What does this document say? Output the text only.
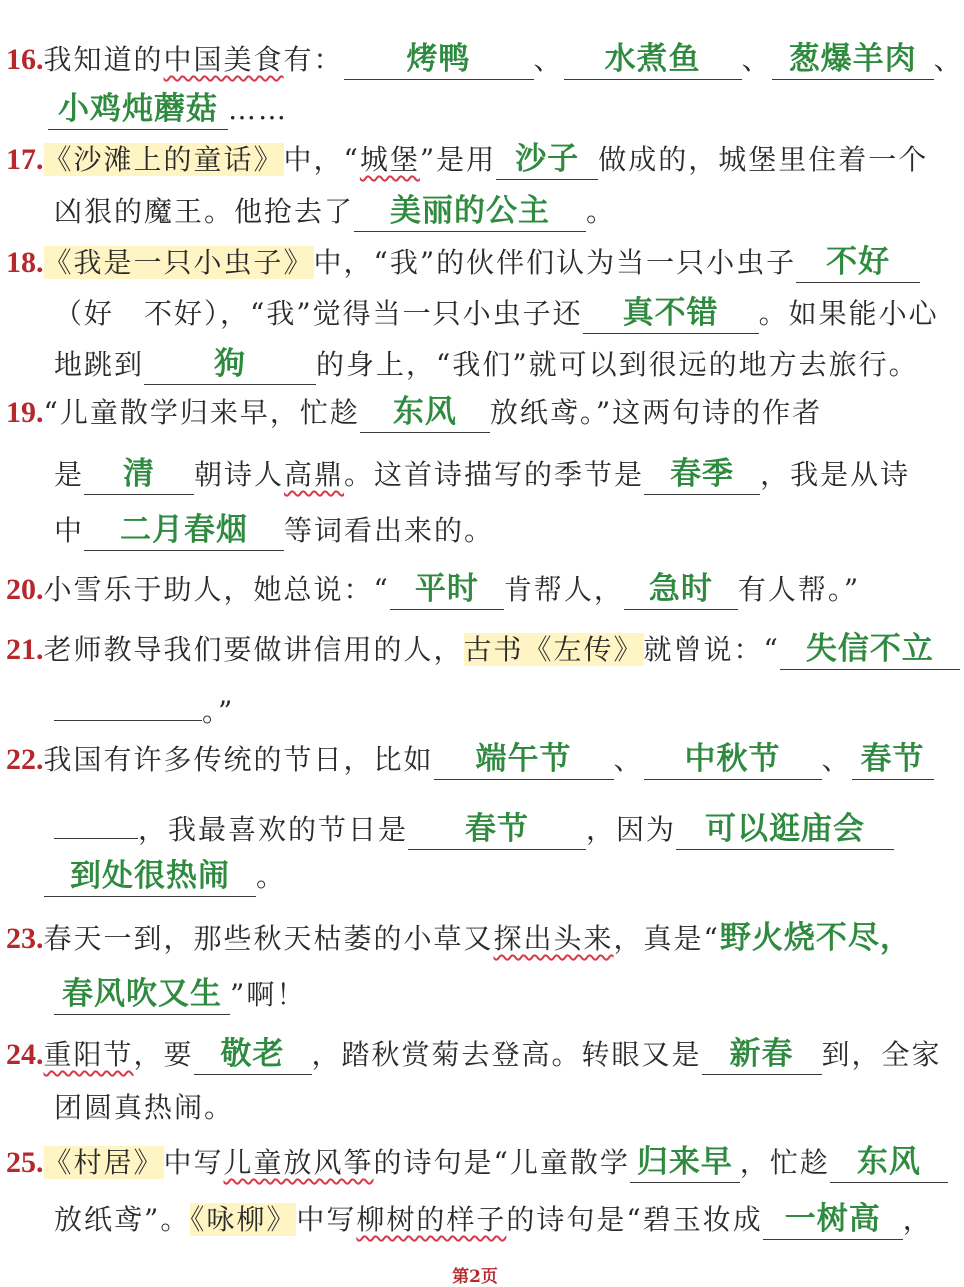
16.我知道的中国美食有： 烤鸭 、 水煮鱼 、 葱爆羊肉 、
小鸡炖蘑菇 ……
17.《沙滩上的童话》中，“城堡”是用 沙子 做成的，城堡里住着一个
凶狠的魔王。他抢去了 美丽的公主 。
18.《我是一只小虫子》中，“我”的伙伴们认为当一只小虫子 不好
（好　不好），“我”觉得当一只小虫子还 真不错 。如果能小心
地跳到 狗	的身上，“我们”就可以到很远的地方去旅行。
19.“儿童散学归来早，忙趁 东风 放纸鸢。”这两句诗的作者
是 清 朝诗人高鼎。这首诗描写的季节是 春季 ，我是从诗
中 二月春烟 等词看出来的。
20.小雪乐于助人，她总说：“ 平时 肯帮人， 急时 有人帮。”
21.老师教导我们要做讲信用的人，古书《左传》就曾说：“ 失信不立
。”
22.我国有许多传统的节日，比如 端午节 、 中秋节 、 春节
，我最喜欢的节日是 春节 ，因为 可以逛庙会
到处很热闹 。
23.春天一到，那些秋天枯萎的小草又探出头来，真是“野火烧不尽，
春风吹又生 ”啊！
24.重阳节，要 敬老 ，踏秋赏菊去登高。转眼又是 新春 到，全家
团圆真热闹。
25.《村居》中写儿童放风筝的诗句是“儿童散学 归来早 ，忙趁 东风
放纸鸢”。《咏柳》中写柳树的样子的诗句是“碧玉妆成 一树高 ，
第2页
